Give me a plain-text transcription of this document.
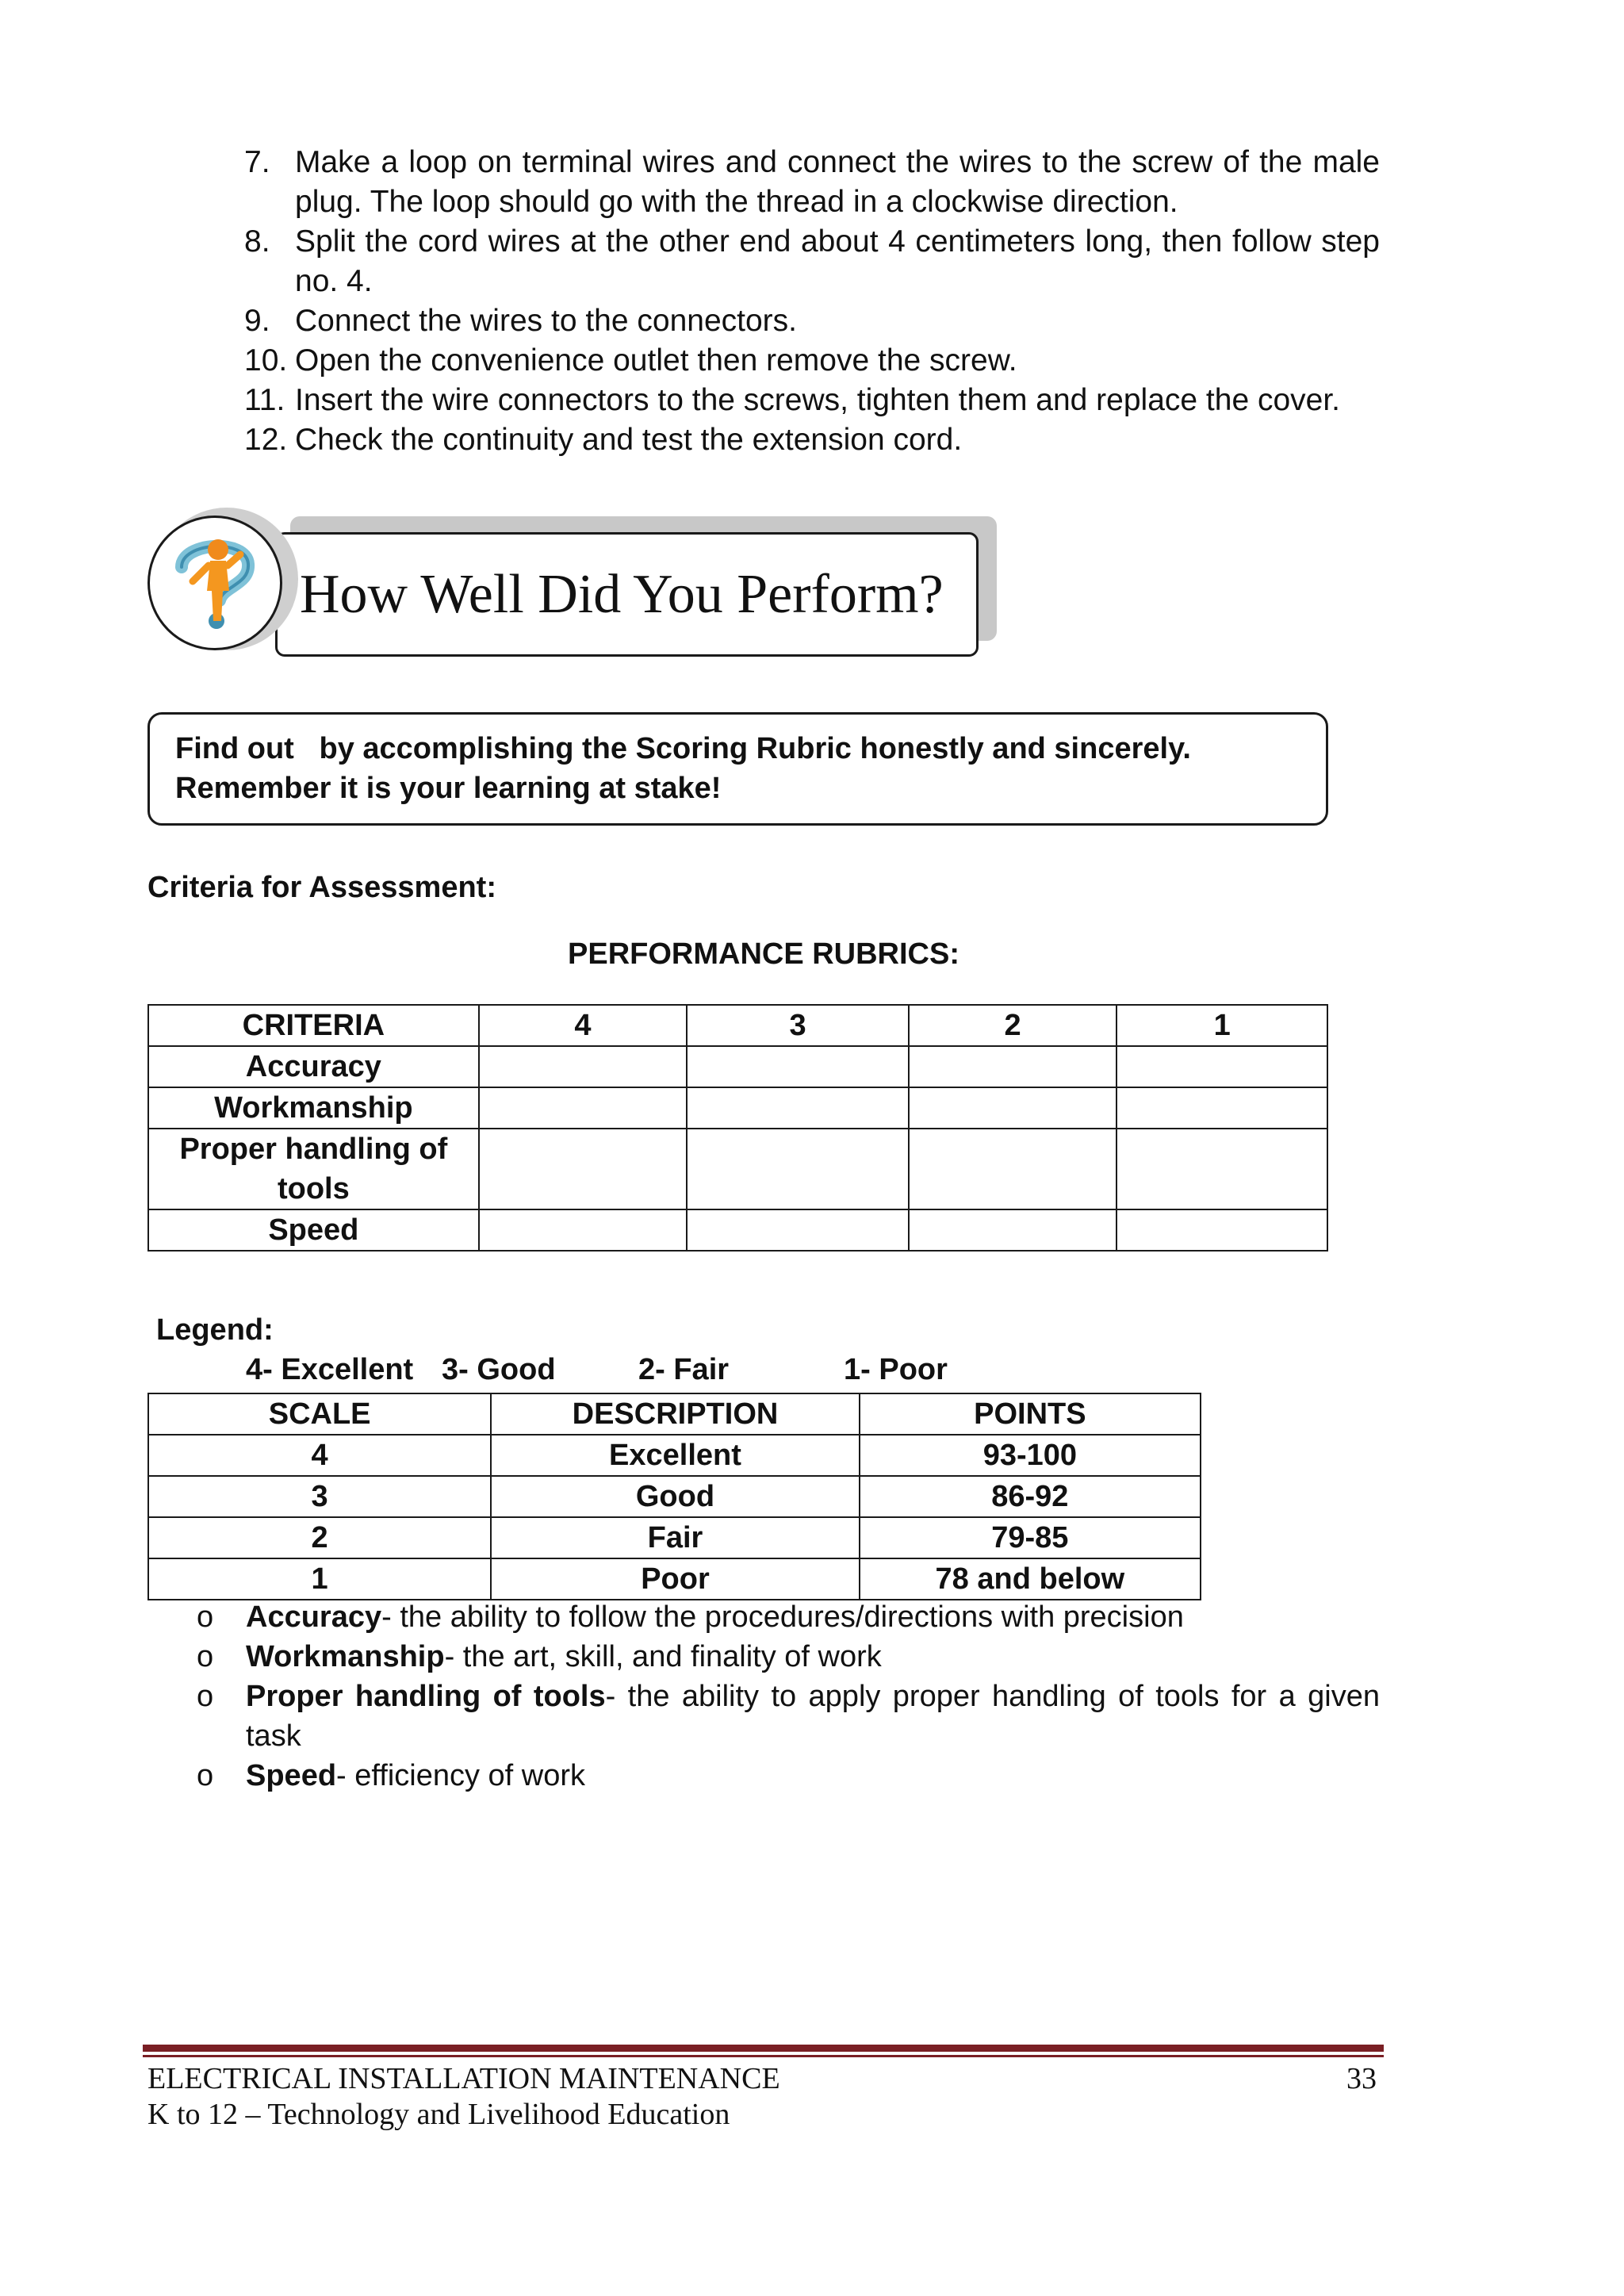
7. Make a loop on terminal wires and connect the wires to the screw of the male plug. The loop should go with the thread in a clockwise direction.
8. Split the cord wires at the other end about 4 centimeters long, then follow step no. 4.
9. Connect the wires to the connectors.
10. Open the convenience outlet then remove the screw.
11. Insert the wire connectors to the screws, tighten them and replace the cover.
12. Check the continuity and test the extension cord.
How Well Did You Perform?
Find out   by accomplishing the Scoring Rubric honestly and sincerely.
Remember it is your learning at stake!
Criteria for Assessment:
PERFORMANCE RUBRICS:
CRITERIA	4	3	2	1
Accuracy				
Workmanship				
Proper handling of tools				
Speed				
Legend:
4- Excellent 3- Good	2- Fair	1- Poor
SCALE	DESCRIPTION	POINTS
4	Excellent	93-100
3	Good	86-92
2	Fair	79-85
1	Poor	78 and below
o Accuracy- the ability to follow the procedures/directions with precision
o Workmanship- the art, skill, and finality of work
o Proper handling of tools- the ability to apply proper handling of tools for a given task
o Speed- efficiency of work
ELECTRICAL INSTALLATION MAINTENANCE
K to 12 – Technology and Livelihood Education
33
